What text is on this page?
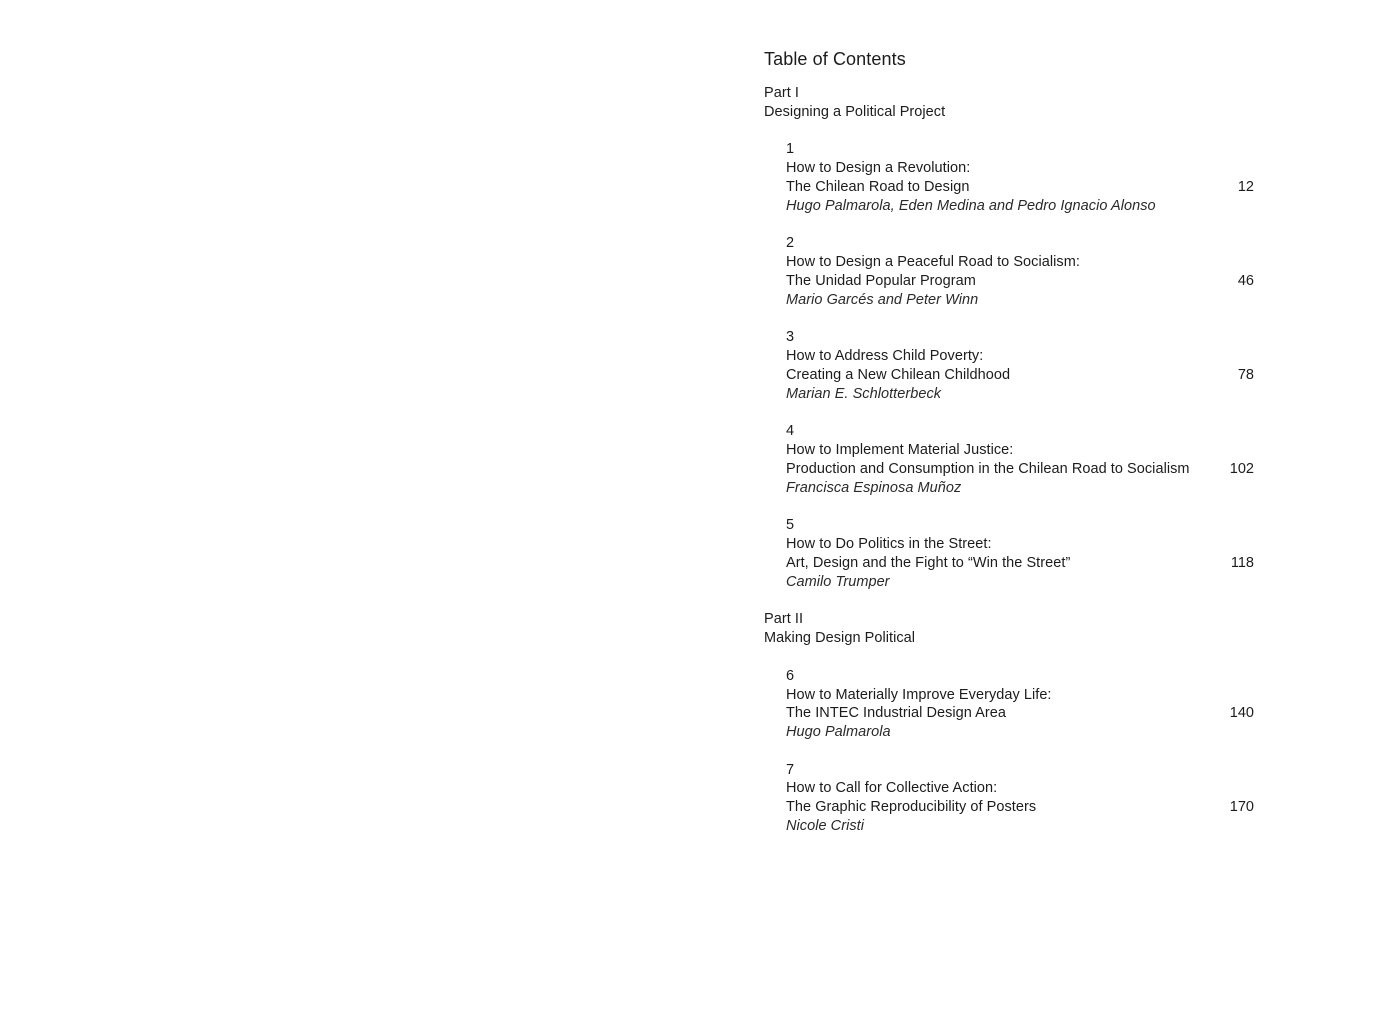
Table of Contents
Part I
Designing a Political Project
1
How to Design a Revolution:
The Chilean Road to Design
Hugo Palmarola, Eden Medina and Pedro Ignacio Alonso
12
2
How to Design a Peaceful Road to Socialism:
The Unidad Popular Program
Mario Garcés and Peter Winn
46
3
How to Address Child Poverty:
Creating a New Chilean Childhood
Marian E. Schlotterbeck
78
4
How to Implement Material Justice:
Production and Consumption in the Chilean Road to Socialism
Francisca Espinosa Muñoz
102
5
How to Do Politics in the Street:
Art, Design and the Fight to “Win the Street”
Camilo Trumper
118
Part II
Making Design Political
6
How to Materially Improve Everyday Life:
The INTEC Industrial Design Area
Hugo Palmarola
140
7
How to Call for Collective Action:
The Graphic Reproducibility of Posters
Nicole Cristi
170
